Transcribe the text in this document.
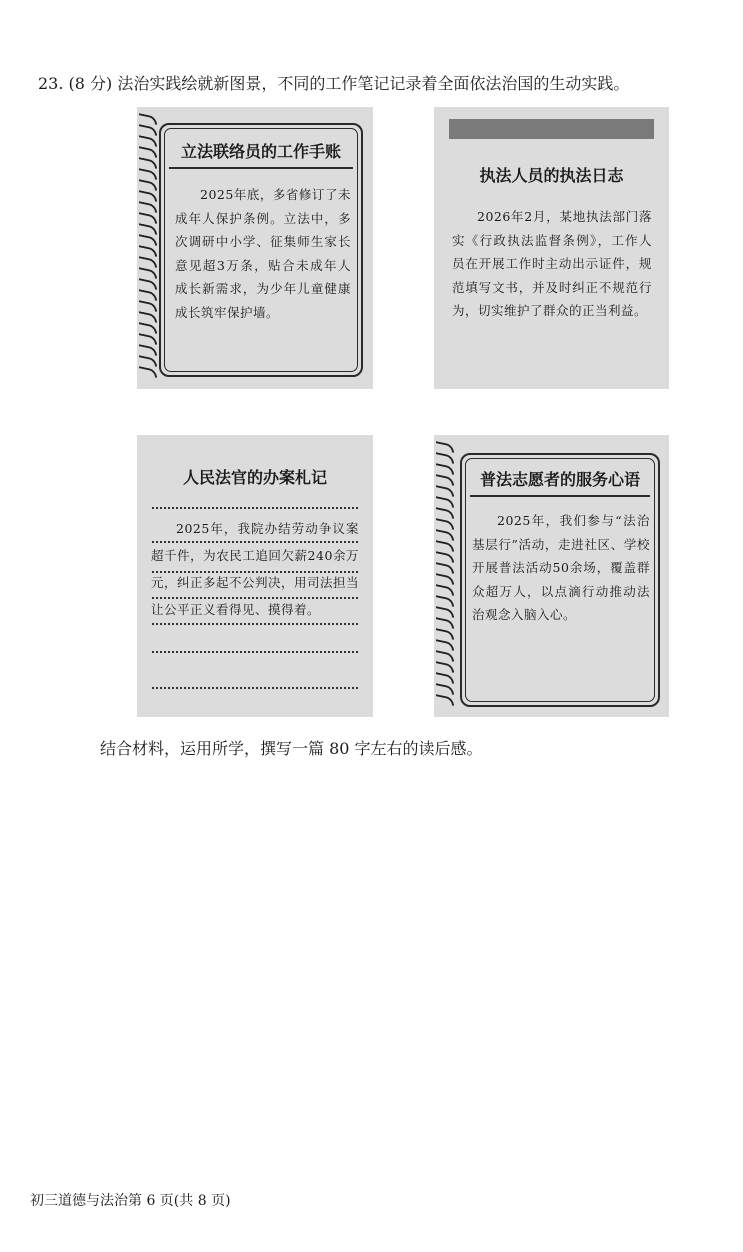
23. (8 分) 法治实践绘就新图景，不同的工作笔记记录着全面依法治国的生动实践。
立法联络员的工作手账
2025年底，多省修订了未成年人保护条例。立法中，多次调研中小学、征集师生家长意见超3万条，贴合未成年人成长新需求，为少年儿童健康成长筑牢保护墙。
执法人员的执法日志
2026年2月，某地执法部门落实《行政执法监督条例》，工作人员在开展工作时主动出示证件，规范填写文书，并及时纠正不规范行为，切实维护了群众的正当利益。
人民法官的办案札记
2025年，我院办结劳动争议案超千件，为农民工追回欠薪240余万元，纠正多起不公判决，用司法担当让公平正义看得见、摸得着。
普法志愿者的服务心语
2025年，我们参与“法治基层行”活动，走进社区、学校开展普法活动50余场，覆盖群众超万人，以点滴行动推动法治观念入脑入心。
结合材料，运用所学，撰写一篇 80 字左右的读后感。
初三道德与法治第 6 页(共 8 页)
